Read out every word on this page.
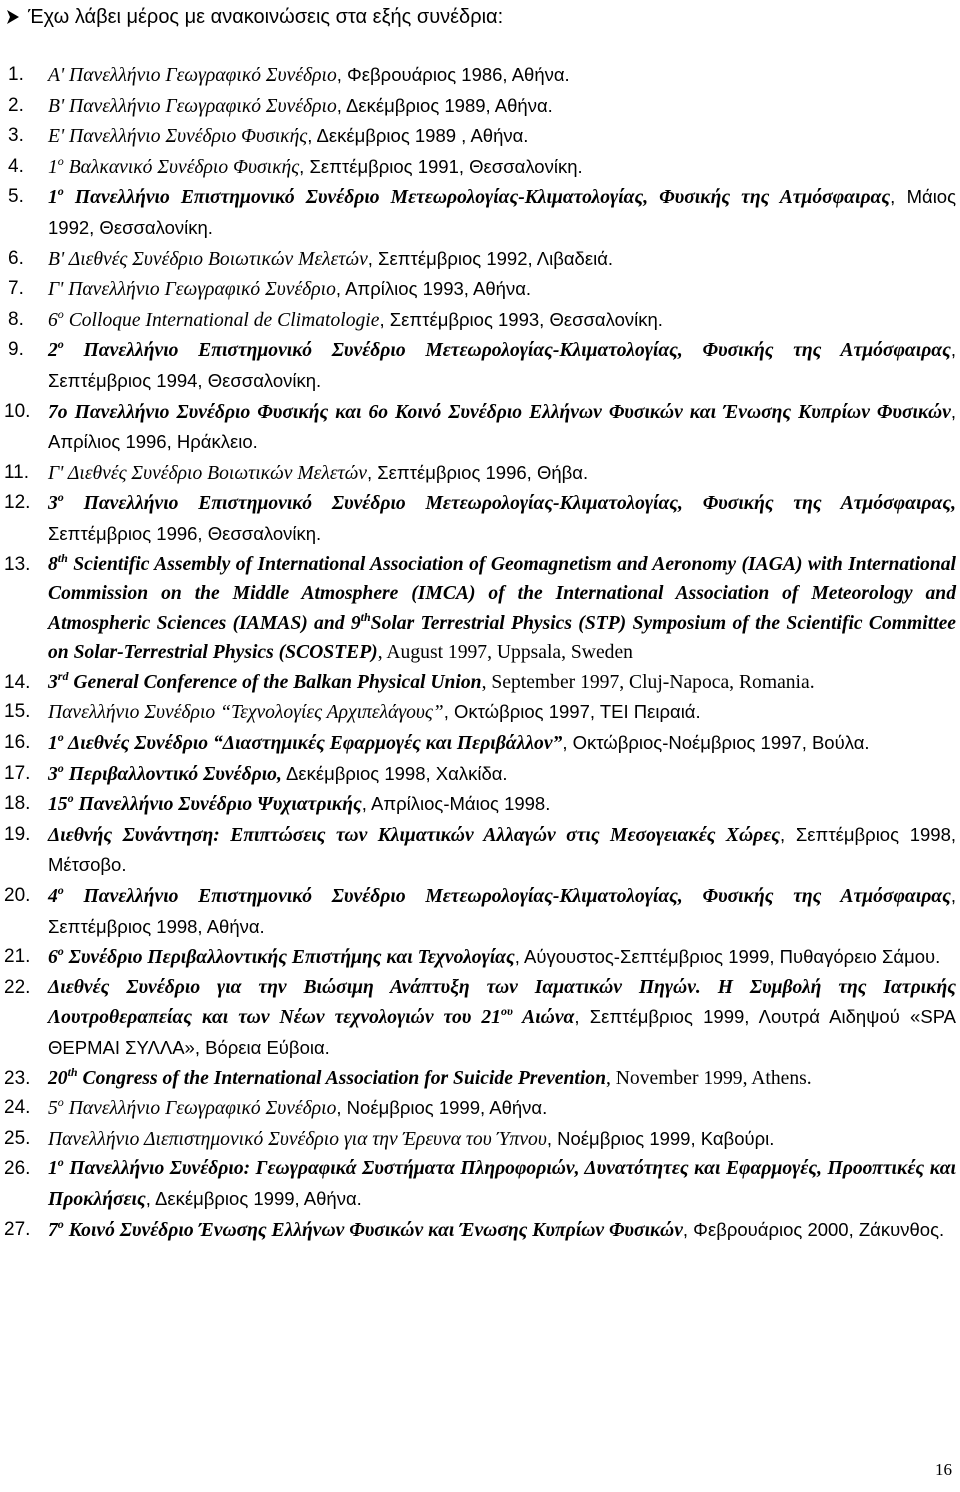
Έχω λάβει μέρος με ανακοινώσεις στα εξής συνέδρια:
1. Α' Πανελλήνιο Γεωγραφικό Συνέδριο, Φεβρουάριος 1986, Αθήνα.
2. Β' Πανελλήνιο Γεωγραφικό Συνέδριο, Δεκέμβριος 1989, Αθήνα.
3. Ε' Πανελλήνιο Συνέδριο Φυσικής, Δεκέμβριος 1989 , Αθήνα.
4. $1^o$ Βαλκανικό Συνέδριο Φυσικής, Σεπτέμβριος 1991, Θεσσαλονίκη.
5. $1^o$ Πανελλήνιο Επιστημονικό Συνέδριο Μετεωρολογίας-Κλιματολογίας, Φυσικής της Ατμόσφαιρας, Μάιος 1992, Θεσσαλονίκη.
6. Β' Διεθνές Συνέδριο Βοιωτικών Μελετών, Σεπτέμβριος 1992, Λιβαδειά.
7. Γ' Πανελλήνιο Γεωγραφικό Συνέδριο, Απρίλιος 1993, Αθήνα.
8. $6^o$ Colloque International de Climatologie, Σεπτέμβριος 1993, Θεσσαλονίκη.
9. $2^o$ Πανελλήνιο Επιστημονικό Συνέδριο Μετεωρολογίας-Κλιματολογίας, Φυσικής της Ατμόσφαιρας, Σεπτέμβριος 1994, Θεσσαλονίκη.
10. 7ο Πανελλήνιο Συνέδριο Φυσικής και 6ο Κοινό Συνέδριο Ελλήνων Φυσικών και Ένωσης Κυπρίων Φυσικών, Απρίλιος 1996, Ηράκλειο.
11. Γ' Διεθνές Συνέδριο Βοιωτικών Μελετών, Σεπτέμβριος 1996, Θήβα.
12. $3^o$ Πανελλήνιο Επιστημονικό Συνέδριο Μετεωρολογίας-Κλιματολογίας, Φυσικής της Ατμόσφαιρας, Σεπτέμβριος 1996, Θεσσαλονίκη.
13. 8th Scientific Assembly of International Association of Geomagnetism and Aeronomy (IAGA) with International Commission on the Middle Atmosphere (IMCA) of the International Association of Meteorology and Atmospheric Sciences (IAMAS) and 9thSolar Terrestrial Physics (STP) Symposium of the Scientific Committee on Solar-Terrestrial Physics (SCOSTEP), August 1997, Uppsala, Sweden
14. 3rd General Conference of the Balkan Physical Union, September 1997, Cluj-Napoca, Romania.
15. Πανελλήνιο Συνέδριο “Τεχνολογίες Αρχιπελάγους”, Οκτώβριος 1997, ΤΕΙ Πειραιά.
16. $1^o$ Διεθνές Συνέδριο “Διαστημικές Εφαρμογές και Περιβάλλον”, Οκτώβριος-Νοέμβριος 1997, Βούλα.
17. $3^o$ Περιβαλλοντικό Συνέδριο, Δεκέμβριος 1998, Χαλκίδα.
18. $15^o$ Πανελλήνιο Συνέδριο Ψυχιατρικής, Απρίλιος-Μάιος 1998.
19. Διεθνής Συνάντηση: Επιπτώσεις των Κλιματικών Αλλαγών στις Μεσογειακές Χώρες, Σεπτέμβριος 1998, Μέτσοβο.
20. $4^o$ Πανελλήνιο Επιστημονικό Συνέδριο Μετεωρολογίας-Κλιματολογίας, Φυσικής της Ατμόσφαιρας, Σεπτέμβριος 1998, Αθήνα.
21. $6^o$ Συνέδριο Περιβαλλοντικής Επιστήμης και Τεχνολογίας, Αύγουστος-Σεπτέμβριος 1999, Πυθαγόρειο Σάμου.
22. Διεθνές Συνέδριο για την Βιώσιμη Ανάπτυξη των Ιαματικών Πηγών. Η Συμβολή της Ιατρικής Λουτροθεραπείας και των Νέων τεχνολογιών του $21^{o\upsilon}$ Αιώνα, Σεπτέμβριος 1999, Λουτρά Αιδηψού «SPA ΘΕΡΜΑΙ ΣΥΛΛΑ», Βόρεια Εύβοια.
23. 20th Congress of the International Association for Suicide Prevention, November 1999, Athens.
24. $5^o$ Πανελλήνιο Γεωγραφικό Συνέδριο, Νοέμβριος 1999, Αθήνα.
25. Πανελλήνιο Διεπιστημονικό Συνέδριο για την Έρευνα του Ύπνου, Νοέμβριος 1999, Καβούρι.
26. $1^o$ Πανελλήνιο Συνέδριο: Γεωγραφικά Συστήματα Πληροφοριών, Δυνατότητες και Εφαρμογές, Προοπτικές και Προκλήσεις, Δεκέμβριος 1999, Αθήνα.
27. $7^o$ Κοινό Συνέδριο Ένωσης Ελλήνων Φυσικών και Ένωσης Κυπρίων Φυσικών, Φεβρουάριος 2000, Ζάκυνθος.
16
